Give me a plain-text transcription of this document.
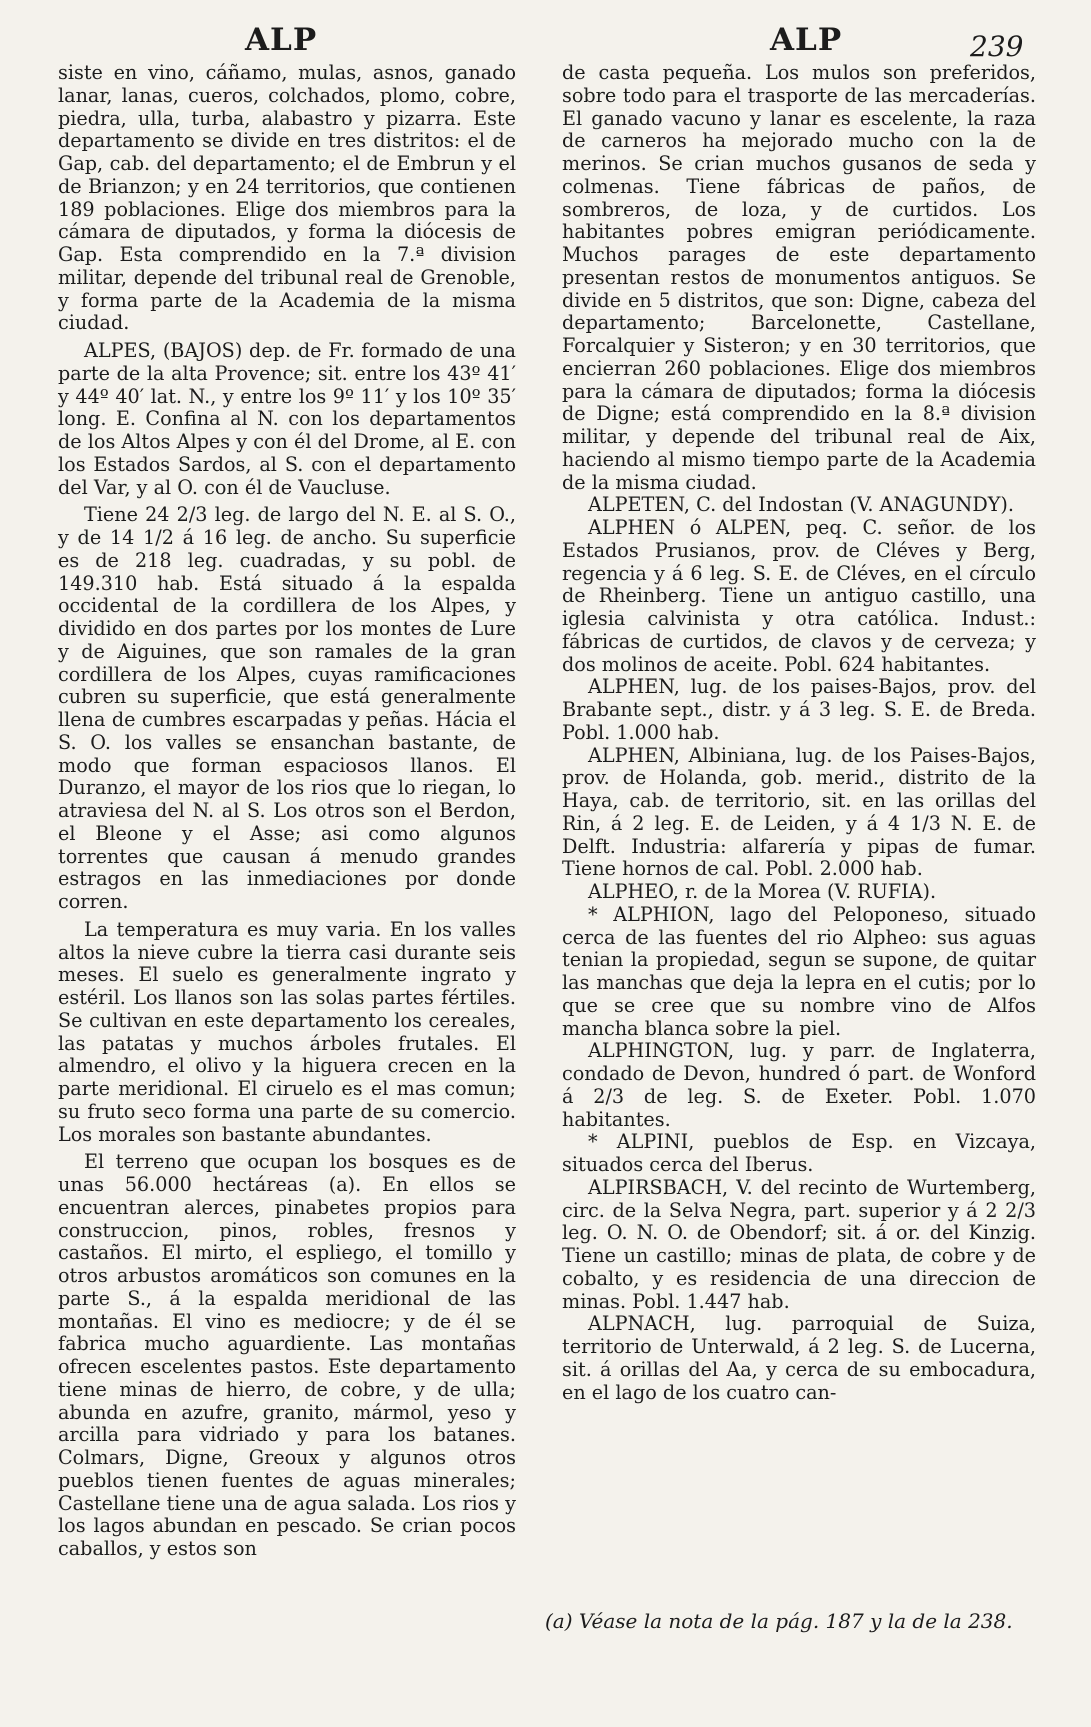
ALP	ALP	239

siste en vino, cáñamo, mulas, asnos, ganado lanar, lanas, cueros, colchados, plomo, cobre, piedra, ulla, turba, alabastro y pizarra. Este departamento se divide en tres distritos: el de Gap, cab. del departamento; el de Embrun y el de Brianzon; y en 24 territorios, que contienen 189 poblaciones. Elige dos miembros para la cámara de diputados, y forma la diócesis de Gap. Esta comprendido en la 7.ª division militar, depende del tribunal real de Grenoble, y forma parte de la Academia de la misma ciudad.

ALPES, (BAJOS) dep. de Fr. formado de una parte de la alta Provence; sit. entre los 43º 41′ y 44º 40′ lat. N., y entre los 9º 11′ y los 10º 35′ long. E. Confina al N. con los departamentos de los Altos Alpes y con él del Drome, al E. con los Estados Sardos, al S. con el departamento del Var, y al O. con él de Vaucluse.

Tiene 24 2/3 leg. de largo del N. E. al S. O., y de 14 1/2 á 16 leg. de ancho. Su superficie es de 218 leg. cuadradas, y su pobl. de 149.310 hab. Está situado á la espalda occidental de la cordillera de los Alpes, y dividido en dos partes por los montes de Lure y de Aiguines, que son ramales de la gran cordillera de los Alpes, cuyas ramificaciones cubren su superficie, que está generalmente llena de cumbres escarpadas y peñas. Hácia el S. O. los valles se ensanchan bastante, de modo que forman espaciosos llanos. El Duranzo, el mayor de los rios que lo riegan, lo atraviesa del N. al S. Los otros son el Berdon, el Bleone y el Asse; asi como algunos torrentes que causan á menudo grandes estragos en las inmediaciones por donde corren.

La temperatura es muy varia. En los valles altos la nieve cubre la tierra casi durante seis meses. El suelo es generalmente ingrato y estéril. Los llanos son las solas partes fértiles. Se cultivan en este departamento los cereales, las patatas y muchos árboles frutales. El almendro, el olivo y la higuera crecen en la parte meridional. El ciruelo es el mas comun; su fruto seco forma una parte de su comercio. Los morales son bastante abundantes.

El terreno que ocupan los bosques es de unas 56.000 hectáreas (a). En ellos se encuentran alerces, pinabetes propios para construccion, pinos, robles, fresnos y castaños. El mirto, el espliego, el tomillo y otros arbustos aromáticos son comunes en la parte S., á la espalda meridional de las montañas. El vino es mediocre; y de él se fabrica mucho aguardiente. Las montañas ofrecen escelentes pastos. Este departamento tiene minas de hierro, de cobre, y de ulla; abunda en azufre, granito, mármol, yeso y arcilla para vidriado y para los batanes. Colmars, Digne, Greoux y algunos otros pueblos tienen fuentes de aguas minerales; Castellane tiene una de agua salada. Los rios y los lagos abundan en pescado. Se crian pocos caballos, y estos son

de casta pequeña. Los mulos son preferidos, sobre todo para el trasporte de las mercaderías. El ganado vacuno y lanar es escelente, la raza de carneros ha mejorado mucho con la de merinos. Se crian muchos gusanos de seda y colmenas. Tiene fábricas de paños, de sombreros, de loza, y de curtidos. Los habitantes pobres emigran periódicamente. Muchos parages de este departamento presentan restos de monumentos antiguos. Se divide en 5 distritos, que son: Digne, cabeza del departamento; Barcelonette, Castellane, Forcalquier y Sisteron; y en 30 territorios, que encierran 260 poblaciones. Elige dos miembros para la cámara de diputados; forma la diócesis de Digne; está comprendido en la 8.ª division militar, y depende del tribunal real de Aix, haciendo al mismo tiempo parte de la Academia de la misma ciudad.

ALPETEN, C. del Indostan (V. ANAGUNDY).

ALPHEN ó ALPEN, peq. C. señor. de los Estados Prusianos, prov. de Cléves y Berg, regencia y á 6 leg. S. E. de Cléves, en el círculo de Rheinberg. Tiene un antiguo castillo, una iglesia calvinista y otra católica. Indust.: fábricas de curtidos, de clavos y de cerveza; y dos molinos de aceite. Pobl. 624 habitantes.

ALPHEN, lug. de los paises-Bajos, prov. del Brabante sept., distr. y á 3 leg. S. E. de Breda. Pobl. 1.000 hab.

ALPHEN, Albiniana, lug. de los Paises-Bajos, prov. de Holanda, gob. merid., distrito de la Haya, cab. de territorio, sit. en las orillas del Rin, á 2 leg. E. de Leiden, y á 4 1/3 N. E. de Delft. Industria: alfarería y pipas de fumar. Tiene hornos de cal. Pobl. 2.000 hab.

ALPHEO, r. de la Morea (V. RUFIA).

* ALPHION, lago del Peloponeso, situado cerca de las fuentes del rio Alpheo: sus aguas tenian la propiedad, segun se supone, de quitar las manchas que deja la lepra en el cutis; por lo que se cree que su nombre vino de Alfos mancha blanca sobre la piel.

ALPHINGTON, lug. y parr. de Inglaterra, condado de Devon, hundred ó part. de Wonford á 2/3 de leg. S. de Exeter. Pobl. 1.070 habitantes.

* ALPINI, pueblos de Esp. en Vizcaya, situados cerca del Iberus.

ALPIRSBACH, V. del recinto de Wurtemberg, circ. de la Selva Negra, part. superior y á 2 2/3 leg. O. N. O. de Obendorf; sit. á or. del Kinzig. Tiene un castillo; minas de plata, de cobre y de cobalto, y es residencia de una direccion de minas. Pobl. 1.447 hab.

ALPNACH, lug. parroquial de Suiza, territorio de Unterwald, á 2 leg. S. de Lucerna, sit. á orillas del Aa, y cerca de su embocadura, en el lago de los cuatro can-

(a) Véase la nota de la pág. 187 y la de la 238.
